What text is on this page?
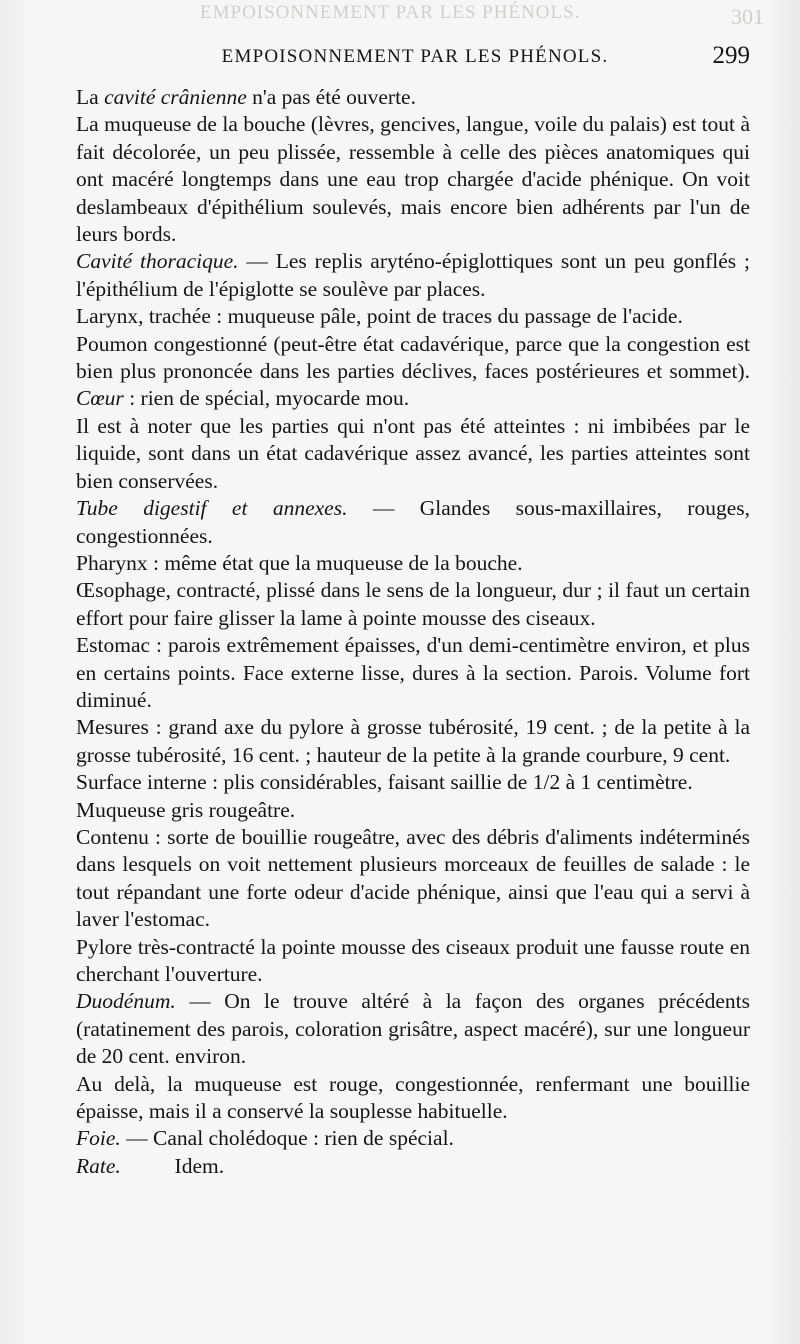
EMPOISONNEMENT PAR LES PHÉNOLS.	301
EMPOISONNEMENT PAR LES PHÉNOLS.	299

La cavité crânienne n'a pas été ouverte.

La muqueuse de la bouche (lèvres, gencives, langue, voile du palais) est tout à fait décolorée, un peu plissée, ressemble à celle des pièces anatomiques qui ont macéré longtemps dans une eau trop chargée d'acide phénique. On voit deslambeaux d'épithélium soulevés, mais encore bien adhérents par l'un de leurs bords.

Cavité thoracique. — Les replis aryténo-épiglottiques sont un peu gonflés ; l'épithélium de l'épiglotte se soulève par places.

Larynx, trachée : muqueuse pâle, point de traces du passage de l'acide.

Poumon congestionné (peut-être état cadavérique, parce que la congestion est bien plus prononcée dans les parties déclives, faces postérieures et sommet). Cœur : rien de spécial, myocarde mou.

Il est à noter que les parties qui n'ont pas été atteintes : ni imbibées par le liquide, sont dans un état cadavérique assez avancé, les parties atteintes sont bien conservées.

Tube digestif et annexes. — Glandes sous-maxillaires, rouges, congestionnées.

Pharynx : même état que la muqueuse de la bouche.

Œsophage, contracté, plissé dans le sens de la longueur, dur ; il faut un certain effort pour faire glisser la lame à pointe mousse des ciseaux.

Estomac : parois extrêmement épaisses, d'un demi-centimètre environ, et plus en certains points. Face externe lisse, dures à la section. Parois. Volume fort diminué.

Mesures : grand axe du pylore à grosse tubérosité, 19 cent. ; de la petite à la grosse tubérosité, 16 cent. ; hauteur de la petite à la grande courbure, 9 cent.

Surface interne : plis considérables, faisant saillie de 1/2 à 1 centimètre.

Muqueuse gris rougeâtre.

Contenu : sorte de bouillie rougeâtre, avec des débris d'aliments indéterminés dans lesquels on voit nettement plusieurs morceaux de feuilles de salade : le tout répandant une forte odeur d'acide phénique, ainsi que l'eau qui a servi à laver l'estomac.

Pylore très-contracté la pointe mousse des ciseaux produit une fausse route en cherchant l'ouverture.

Duodénum. — On le trouve altéré à la façon des organes précédents (ratatinement des parois, coloration grisâtre, aspect macéré), sur une longueur de 20 cent. environ.

Au delà, la muqueuse est rouge, congestionnée, renfermant une bouillie épaisse, mais il a conservé la souplesse habituelle.

Foie. — Canal cholédoque : rien de spécial.

Rate.          Idem.
